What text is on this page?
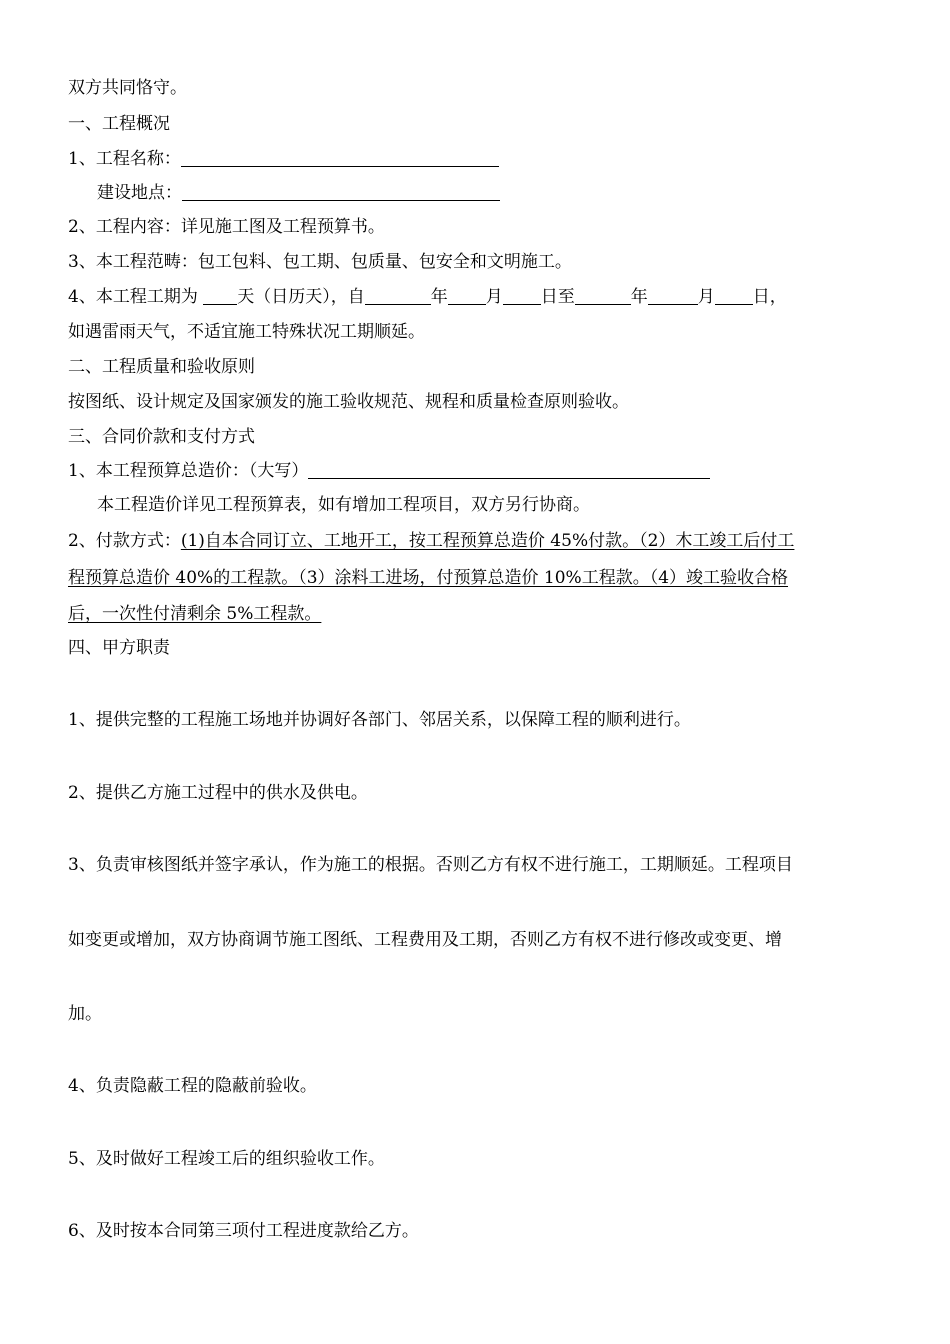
双方共同恪守。
一、工程概况
1、工程名称：
建设地点：
2、工程内容：详见施工图及工程预算书。
3、本工程范畴：包工包料、包工期、包质量、包安全和文明施工。
4、本工程工期为 天（日历天），自	年 月 日至	年	月 日，
如遇雷雨天气，不适宜施工特殊状况工期顺延。
二、工程质量和验收原则
按图纸、设计规定及国家颁发的施工验收规范、规程和质量检查原则验收。
三、合同价款和支付方式
1、本工程预算总造价：（大写）
本工程造价详见工程预算表，如有增加工程项目，双方另行协商。
2、付款方式：(1)自本合同订立、工地开工，按工程预算总造价 45%付款。（2）木工竣工后付工
程预算总造价 40%的工程款。（3）涂料工进场，付预算总造价 10%工程款。（4）竣工验收合格
后，一次性付清剩余 5%工程款。
四、甲方职责
1、提供完整的工程施工场地并协调好各部门、邻居关系，以保障工程的顺利进行。
2、提供乙方施工过程中的供水及供电。
3、负责审核图纸并签字承认，作为施工的根据。否则乙方有权不进行施工，工期顺延。工程项目
如变更或增加，双方协商调节施工图纸、工程费用及工期，否则乙方有权不进行修改或变更、增
加。
4、负责隐蔽工程的隐蔽前验收。
5、及时做好工程竣工后的组织验收工作。
6、及时按本合同第三项付工程进度款给乙方。
